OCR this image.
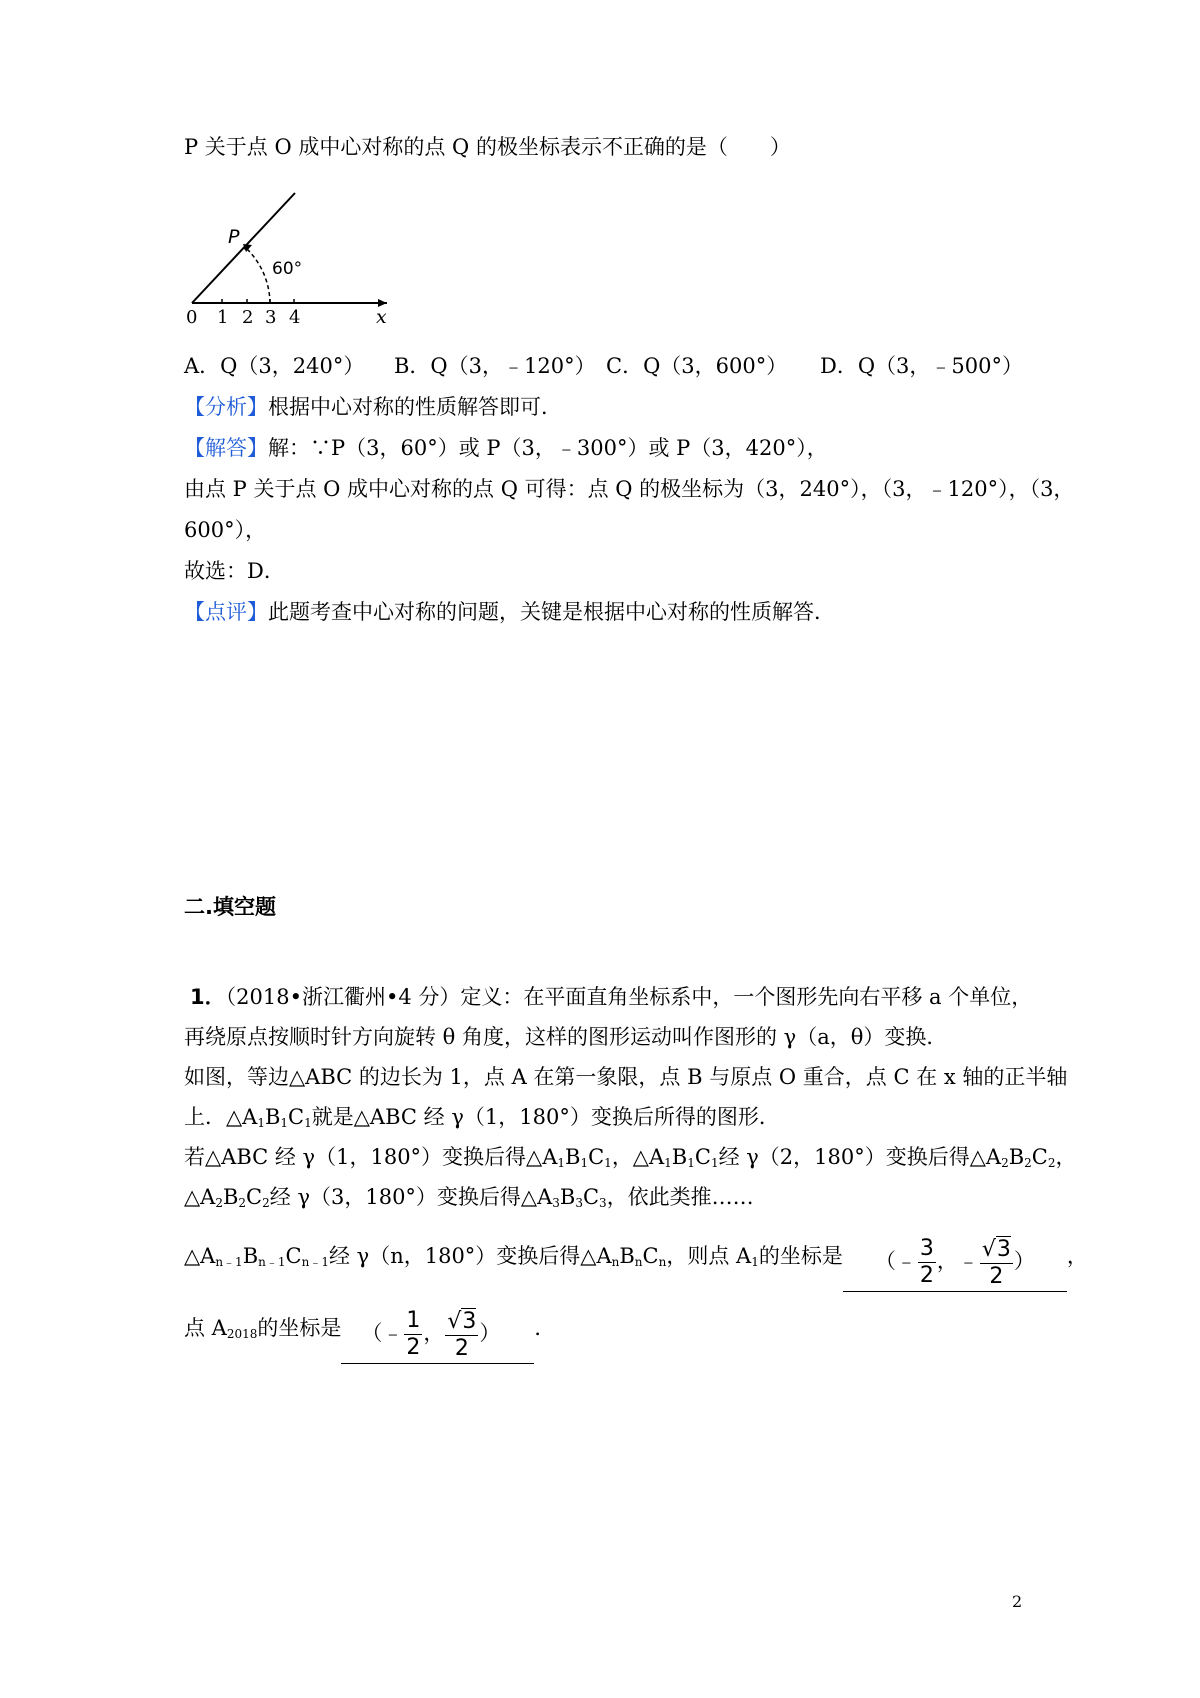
P 关于点 O 成中心对称的点 Q 的极坐标表示不正确的是（　　）
P
60°
0 1 2 3 4	x
A．Q（3，240°） B．Q（3，﹣120°） C．Q（3，600°） D．Q（3，﹣500°）
【分析】根据中心对称的性质解答即可．
【解答】解：∵P（3，60°）或 P（3，﹣300°）或 P（3，420°），
由点 P 关于点 O 成中心对称的点 Q 可得：点 Q 的极坐标为（3，240°），（3，﹣120°），（3，
600°），
故选：D．
【点评】此题考查中心对称的问题，关键是根据中心对称的性质解答．
二.填空题
1．（2018•浙江衢州•4 分）定义：在平面直角坐标系中，一个图形先向右平移 a 个单位，
再绕原点按顺时针方向旋转 θ 角度，这样的图形运动叫作图形的 γ（a，θ）变换．
如图，等边△ABC 的边长为 1，点 A 在第一象限，点 B 与原点 O 重合，点 C 在 x 轴的正半轴
上．$\triangle A_1B_1C_1$就是△ABC 经 γ（1，180°）变换后所得的图形．
若△ABC 经 γ（1，180°）变换后得$\triangle A_1B_1C_1$，$\triangle A_1B_1C_1$经 γ（2，180°）变换后得$\triangle A_2B_2C_2$，
$\triangle A_2B_2C_2$经 γ（3，180°）变换后得$\triangle A_3B_3C_3$，依此类推……
$\triangle A_{n﹣1}B_{n﹣1}C_{n﹣1}$经 γ（n，180°）变换后得$\triangle A_nB_nC_n$，则点 $A_1$的坐标是 （﹣ $\frac{3}{2}$ ，﹣ $\frac{√3}{2}$ ） ，
点 $A_{2018}$的坐标是 （﹣ $\frac{1}{2}$ ， $\frac{√3}{2}$ ） ．
2
